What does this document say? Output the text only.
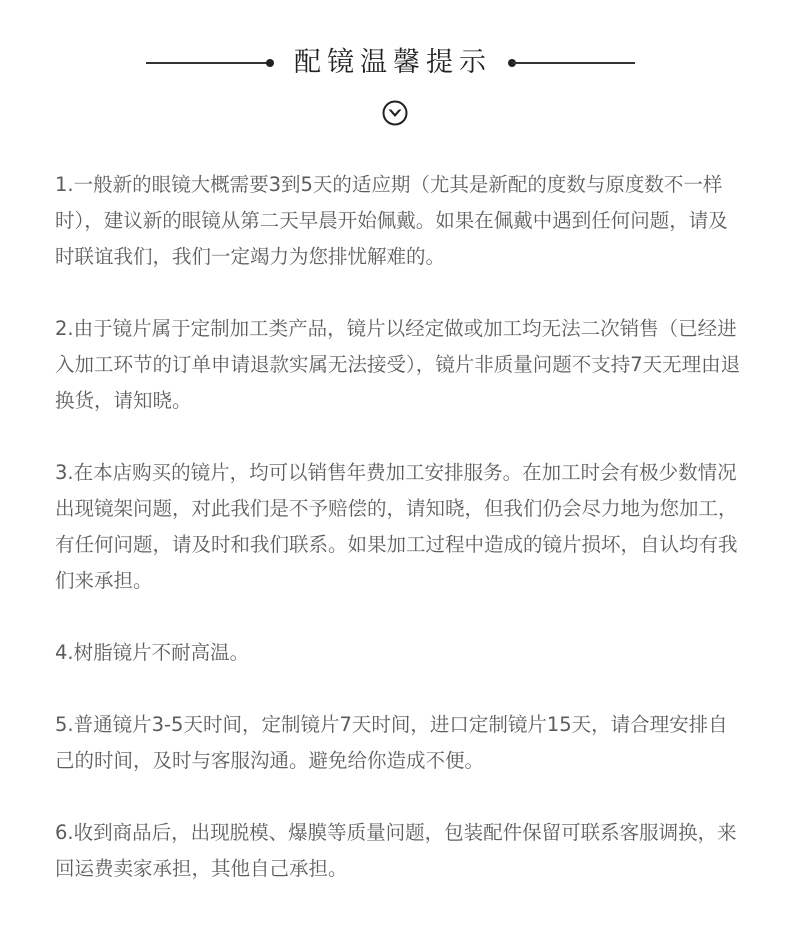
配镜温馨提示

1.一般新的眼镜大概需要3到5天的适应期（尤其是新配的度数与原度数不一样时），建议新的眼镜从第二天早晨开始佩戴。如果在佩戴中遇到任何问题，请及时联谊我们，我们一定竭力为您排忧解难的。

2.由于镜片属于定制加工类产品，镜片以经定做或加工均无法二次销售（已经进入加工环节的订单申请退款实属无法接受），镜片非质量问题不支持7天无理由退换货，请知晓。

3.在本店购买的镜片，均可以销售年费加工安排服务。在加工时会有极少数情况出现镜架问题，对此我们是不予赔偿的，请知晓，但我们仍会尽力地为您加工，有任何问题，请及时和我们联系。如果加工过程中造成的镜片损坏，自认均有我们来承担。

4.树脂镜片不耐高温。

5.普通镜片3-5天时间，定制镜片7天时间，进口定制镜片15天，请合理安排自己的时间，及时与客服沟通。避免给你造成不便。

6.收到商品后，出现脱模、爆膜等质量问题，包装配件保留可联系客服调换，来回运费卖家承担，其他自己承担。
